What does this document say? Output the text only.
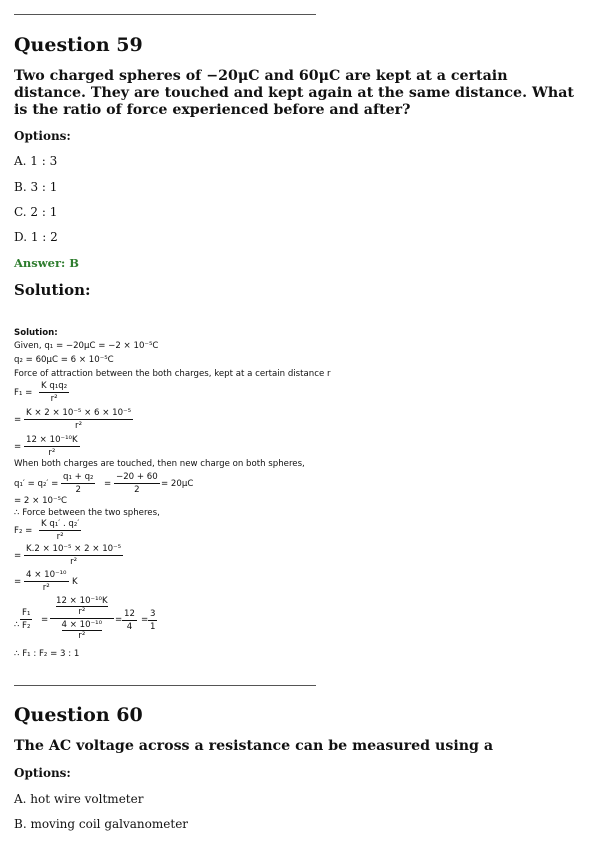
Question 59
Two charged spheres of −20μC and 60μC are kept at a certain distance. They are touched and kept again at the same distance. What is the ratio of force experienced before and after?
Options:
A. 1 : 3
B. 3 : 1
C. 2 : 1
D. 1 : 2
Answer: B
Solution:
Solution:
Given, q₁ = −20μC = −2 × 10⁻⁵C
q₂ = 60μC = 6 × 10⁻⁵C
Force of attraction between the both charges, kept at a certain distance r
$F_1 = \frac{\text{K q₁q₂}}{\text{r²}}$
= $\frac{\text{K × 2 × 10⁻⁵ × 6 × 10⁻⁵}}{\text{r²}}$
= $\frac{\text{12 × 10⁻¹⁰K}}{\text{r²}}$
When both charges are touched, then new charge on both spheres,
$q_1' = q_2' = \frac{\text{q₁ + q₂}}{2} = \frac{-20 + 60}{2} = 20\mu C$
= 2 × 10⁻⁵C
∴ Force between the two spheres,
$F_2 = \frac{\text{K q₁′ . q₂′}}{\text{r²}}$
= $\frac{\text{K.2 × 10⁻⁵ × 2 × 10⁻⁵}}{\text{r²}}$
= $\frac{\text{4 × 10⁻¹⁰}}{\text{r²}}$ K
∴ $\frac{\text{F₁}}{\text{F₂}} = \frac{\frac{\text{12 × 10⁻¹⁰K}}{\text{r²}}}{\frac{\text{4 × 10⁻¹⁰}}{\text{r²}}} = \frac{12}{4} = \frac{3}{1}$
∴ F₁ : F₂ = 3 : 1
Question 60
The AC voltage across a resistance can be measured using a
Options:
A. hot wire voltmeter
B. moving coil galvanometer
